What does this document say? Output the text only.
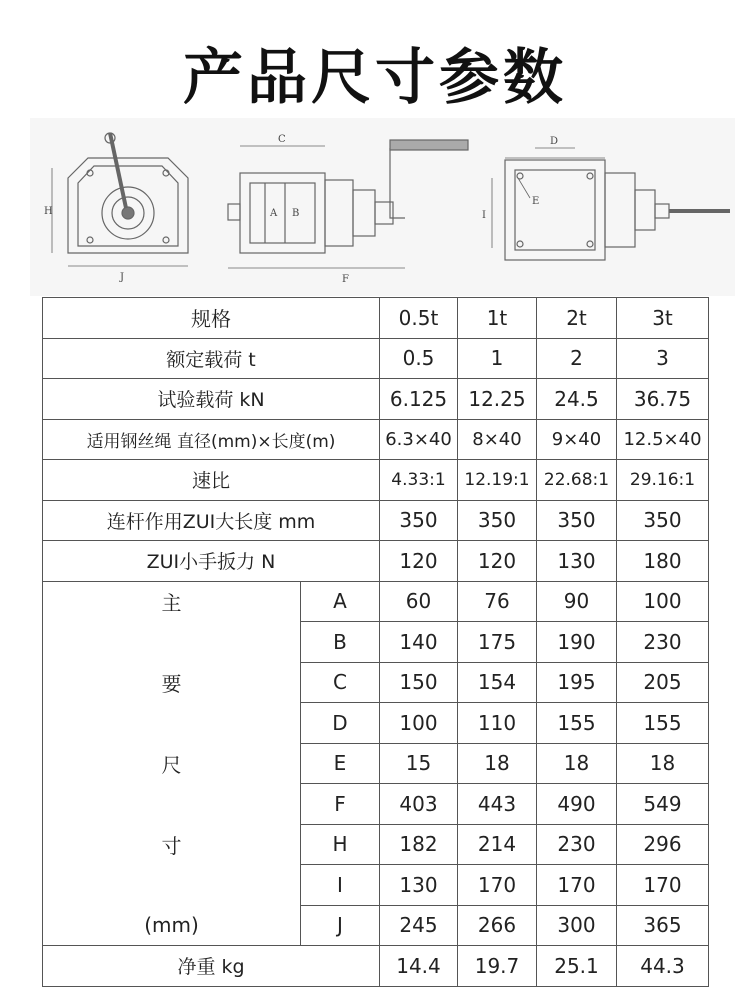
产品尺寸参数
H
J
C
A B
F
D
E
I
规格		0.5t	1t	2t	3t
额定载荷 t		0.5	1	2	3
试验载荷 kN		6.125	12.25	24.5	36.75
适用钢丝绳 直径(mm)×长度(m)		6.3×40	8×40	9×40	12.5×40
速比		4.33:1	12.19:1	22.68:1	29.16:1
连杆作用ZUI大长度 mm		350	350	350	350
ZUI小手扳力 N		120	120	130	180
主	A	60	76	90	100
	B	140	175	190	230
要	C	150	154	195	205
	D	100	110	155	155
尺	E	15	18	18	18
	F	403	443	490	549
寸	H	182	214	230	296
	I	130	170	170	170
(mm)	J	245	266	300	365
净重 kg		14.4	19.7	25.1	44.3
